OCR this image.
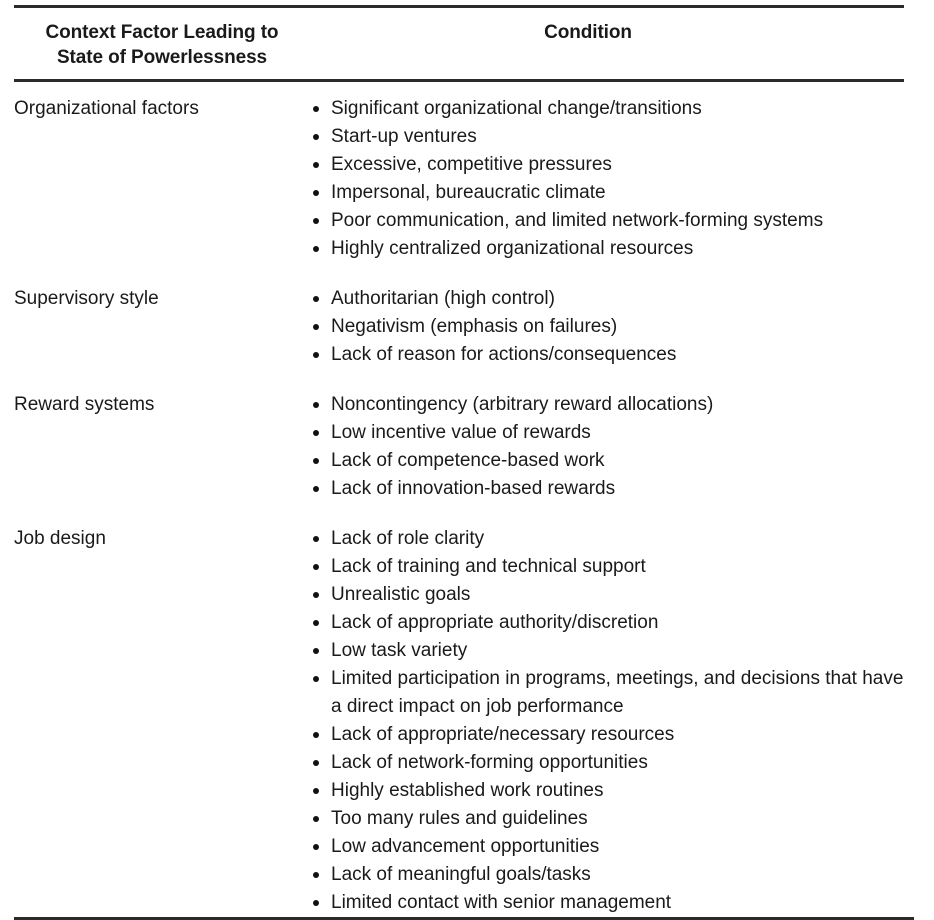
Context Factor Leading to
State of Powerlessness
Condition
Organizational factors	Significant organizational change/transitions
Start-up ventures
Excessive, competitive pressures
Impersonal, bureaucratic climate
Poor communication, and limited network-forming systems
Highly centralized organizational resources
Supervisory style	Authoritarian (high control)
Negativism (emphasis on failures)
Lack of reason for actions/consequences
Reward systems	Noncontingency (arbitrary reward allocations)
Low incentive value of rewards
Lack of competence-based work
Lack of innovation-based rewards
Job design	Lack of role clarity
Lack of training and technical support
Unrealistic goals
Lack of appropriate authority/discretion
Low task variety
Limited participation in programs, meetings, and decisions that have a direct impact on job performance
Lack of appropriate/necessary resources
Lack of network-forming opportunities
Highly established work routines
Too many rules and guidelines
Low advancement opportunities
Lack of meaningful goals/tasks
Limited contact with senior management
